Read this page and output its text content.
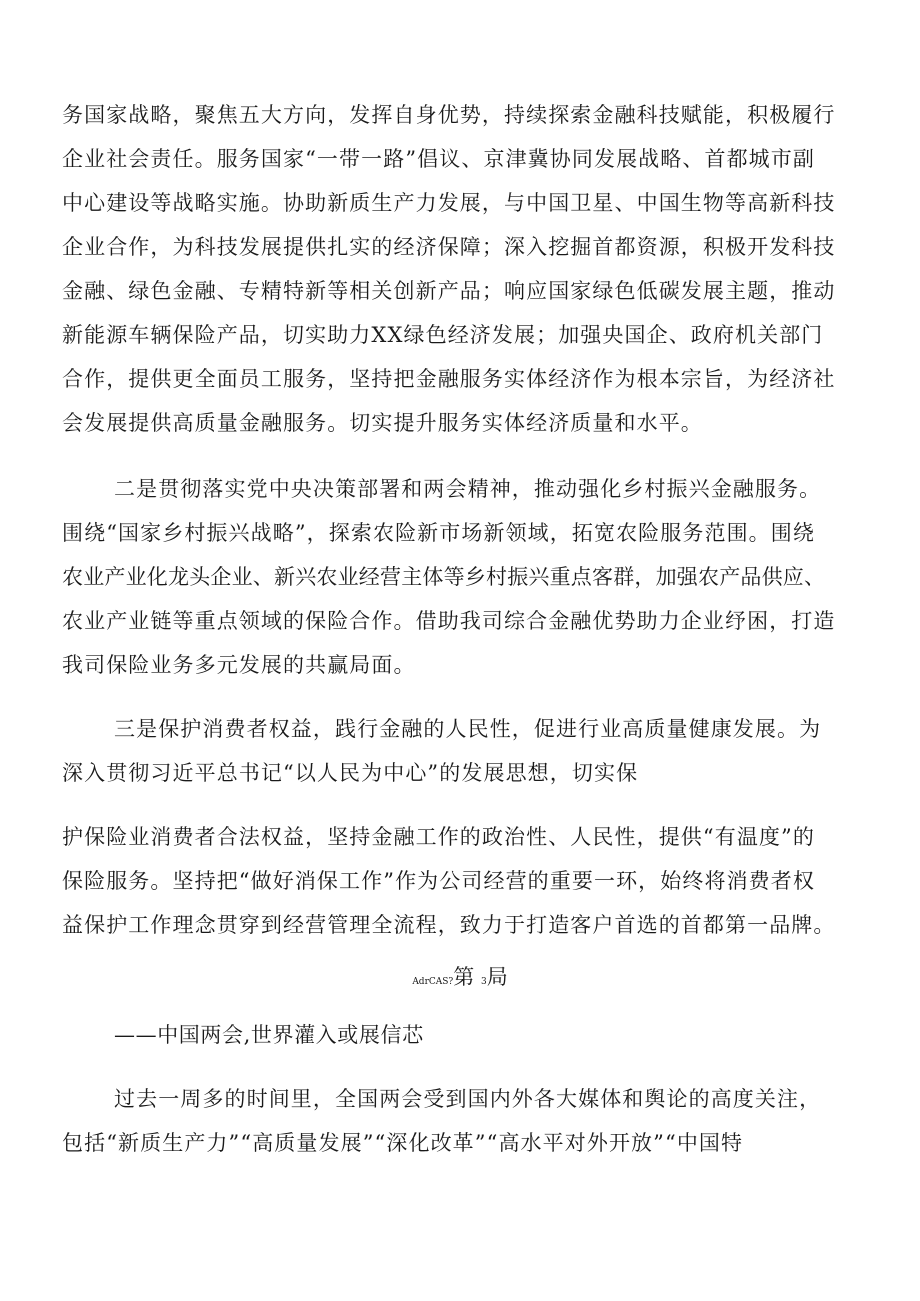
务国家战略，聚焦五大方向，发挥自身优势，持续探索金融科技赋能，积极履行
企业社会责任。服务国家“一带一路”倡议、京津冀协同发展战略、首都城市副
中心建设等战略实施。协助新质生产力发展，与中国卫星、中国生物等高新科技
企业合作，为科技发展提供扎实的经济保障；深入挖掘首都资源，积极开发科技
金融、绿色金融、专精特新等相关创新产品；响应国家绿色低碳发展主题，推动
新能源车辆保险产品，切实助力XX绿色经济发展；加强央国企、政府机关部门
合作，提供更全面员工服务，坚持把金融服务实体经济作为根本宗旨，为经济社
会发展提供高质量金融服务。切实提升服务实体经济质量和水平。
二是贯彻落实党中央决策部署和两会精神，推动强化乡村振兴金融服务。
围绕“国家乡村振兴战略”，探索农险新市场新领域，拓宽农险服务范围。围绕
农业产业化龙头企业、新兴农业经营主体等乡村振兴重点客群，加强农产品供应、
农业产业链等重点领域的保险合作。借助我司综合金融优势助力企业纾困，打造
我司保险业务多元发展的共赢局面。
三是保护消费者权益，践行金融的人民性，促进行业高质量健康发展。为
深入贯彻习近平总书记“以人民为中心”的发展思想，切实保
护保险业消费者合法权益，坚持金融工作的政治性、人民性，提供“有温度”的
保险服务。坚持把“做好消保工作”作为公司经营的重要一环，始终将消费者权
益保护工作理念贯穿到经营管理全流程，致力于打造客户首选的首都第一品牌。
AdrCAS?第 3局
——中国两会,世界灌入或展信芯
过去一周多的时间里，全国两会受到国内外各大媒体和舆论的高度关注，
包括“新质生产力”“高质量发展”“深化改革”“高水平对外开放”“中国特
